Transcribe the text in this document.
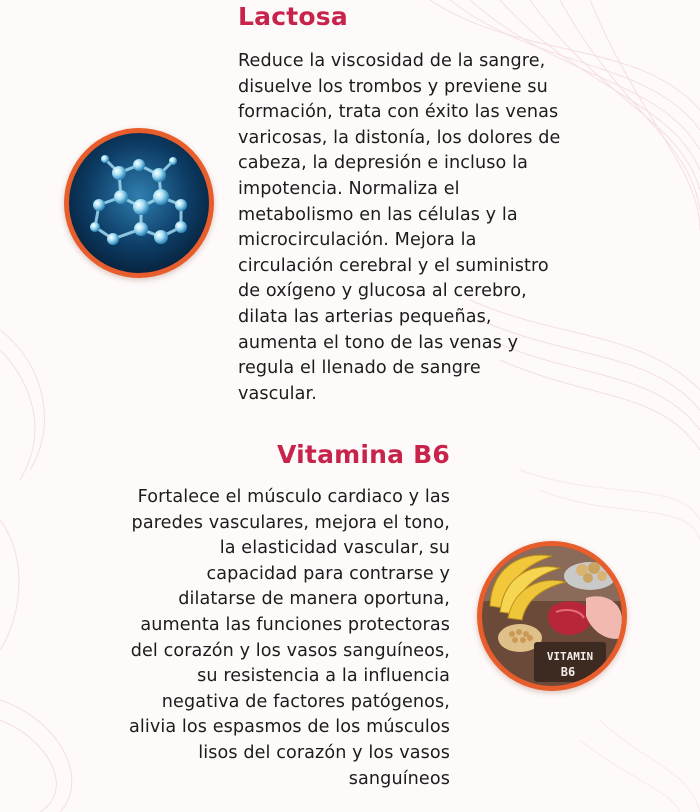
Lactosa

Reduce la viscosidad de la sangre,
disuelve los trombos y previene su
formación, trata con éxito las venas
varicosas, la distonía, los dolores de
cabeza, la depresión e incluso la
impotencia. Normaliza el
metabolismo en las células y la
microcirculación. Mejora la
circulación cerebral y el suministro
de oxígeno y glucosa al cerebro,
dilata las arterias pequeñas,
aumenta el tono de las venas y
regula el llenado de sangre
vascular.

Vitamina B6

Fortalece el músculo cardiaco y las
paredes vasculares, mejora el tono,
la elasticidad vascular, su
capacidad para contrarse y
dilatarse de manera oportuna,
aumenta las funciones protectoras
del corazón y los vasos sanguíneos,
su resistencia a la influencia
negativa de factores patógenos,
alivia los espasmos de los músculos
lisos del corazón y los vasos
sanguíneos

VITAMIN
B6
